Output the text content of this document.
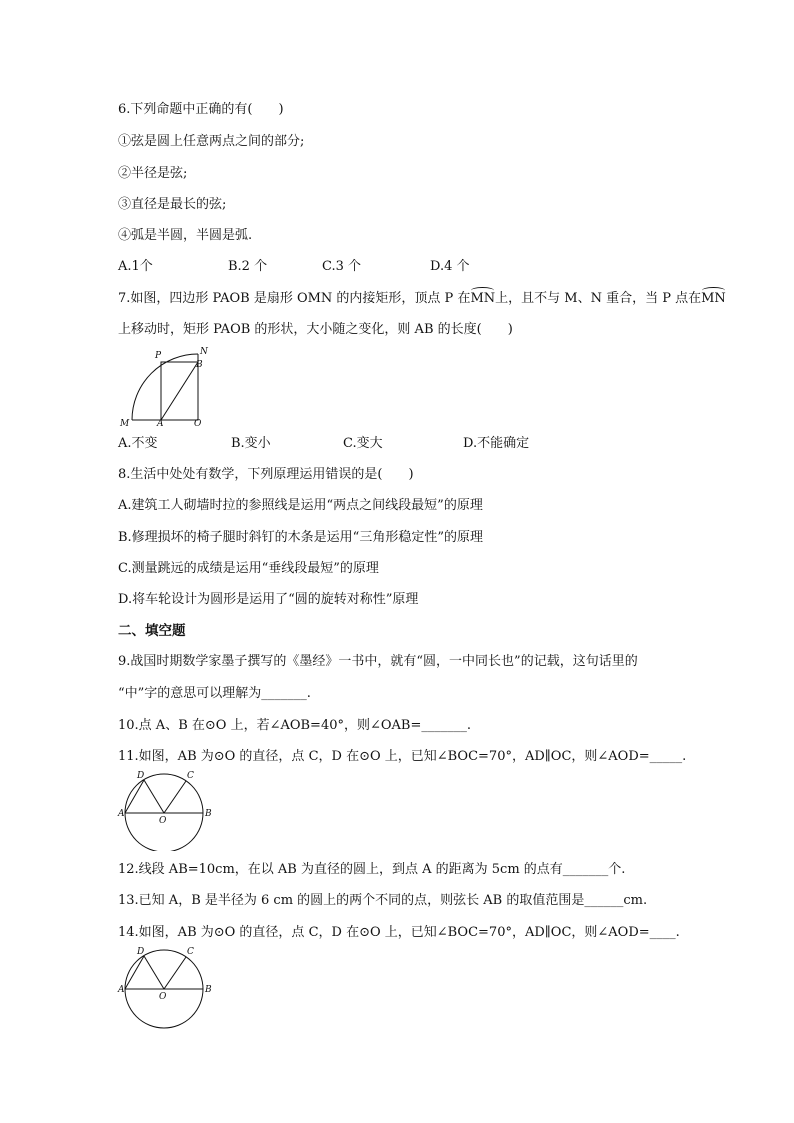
6.下列命题中正确的有(　　)
①弦是圆上任意两点之间的部分;
②半径是弦;
③直径是最长的弦;
④弧是半圆，半圆是弧.
A.1个	B.2 个	C.3 个	D.4 个
7.如图，四边形 PAOB 是扇形 OMN 的内接矩形，顶点 P 在MN上，且不与 M、N 重合，当 P 点在MN
上移动时，矩形 PAOB 的形状，大小随之变化，则 AB 的长度(　　)
P	N
B
M	A	O
A.不变	B.变小	C.变大	D.不能确定
8.生活中处处有数学，下列原理运用错误的是(　　)
A.建筑工人砌墙时拉的参照线是运用“两点之间线段最短”的原理
B.修理损坏的椅子腿时斜钉的木条是运用“三角形稳定性”的原理
C.测量跳远的成绩是运用“垂线段最短”的原理
D.将车轮设计为圆形是运用了“圆的旋转对称性”原理
二、填空题
9.战国时期数学家墨子撰写的《墨经》一书中，就有“圆，一中同长也”的记载，这句话里的
“中”字的意思可以理解为_______.
10.点 A、B 在⊙O 上，若∠AOB=40°，则∠OAB=_______.
11.如图，AB 为⊙O 的直径，点 C，D 在⊙O 上，已知∠BOC=70°，AD∥OC，则∠AOD=_____.
D	C
A
O
B
12.线段 AB=10cm，在以 AB 为直径的圆上，到点 A 的距离为 5cm 的点有_______个.
13.已知 A，B 是半径为 6 cm 的圆上的两个不同的点，则弦长 AB 的取值范围是______cm.
14.如图，AB 为⊙O 的直径，点 C，D 在⊙O 上，已知∠BOC=70°，AD∥OC，则∠AOD=____.
D	C
A
O
B
